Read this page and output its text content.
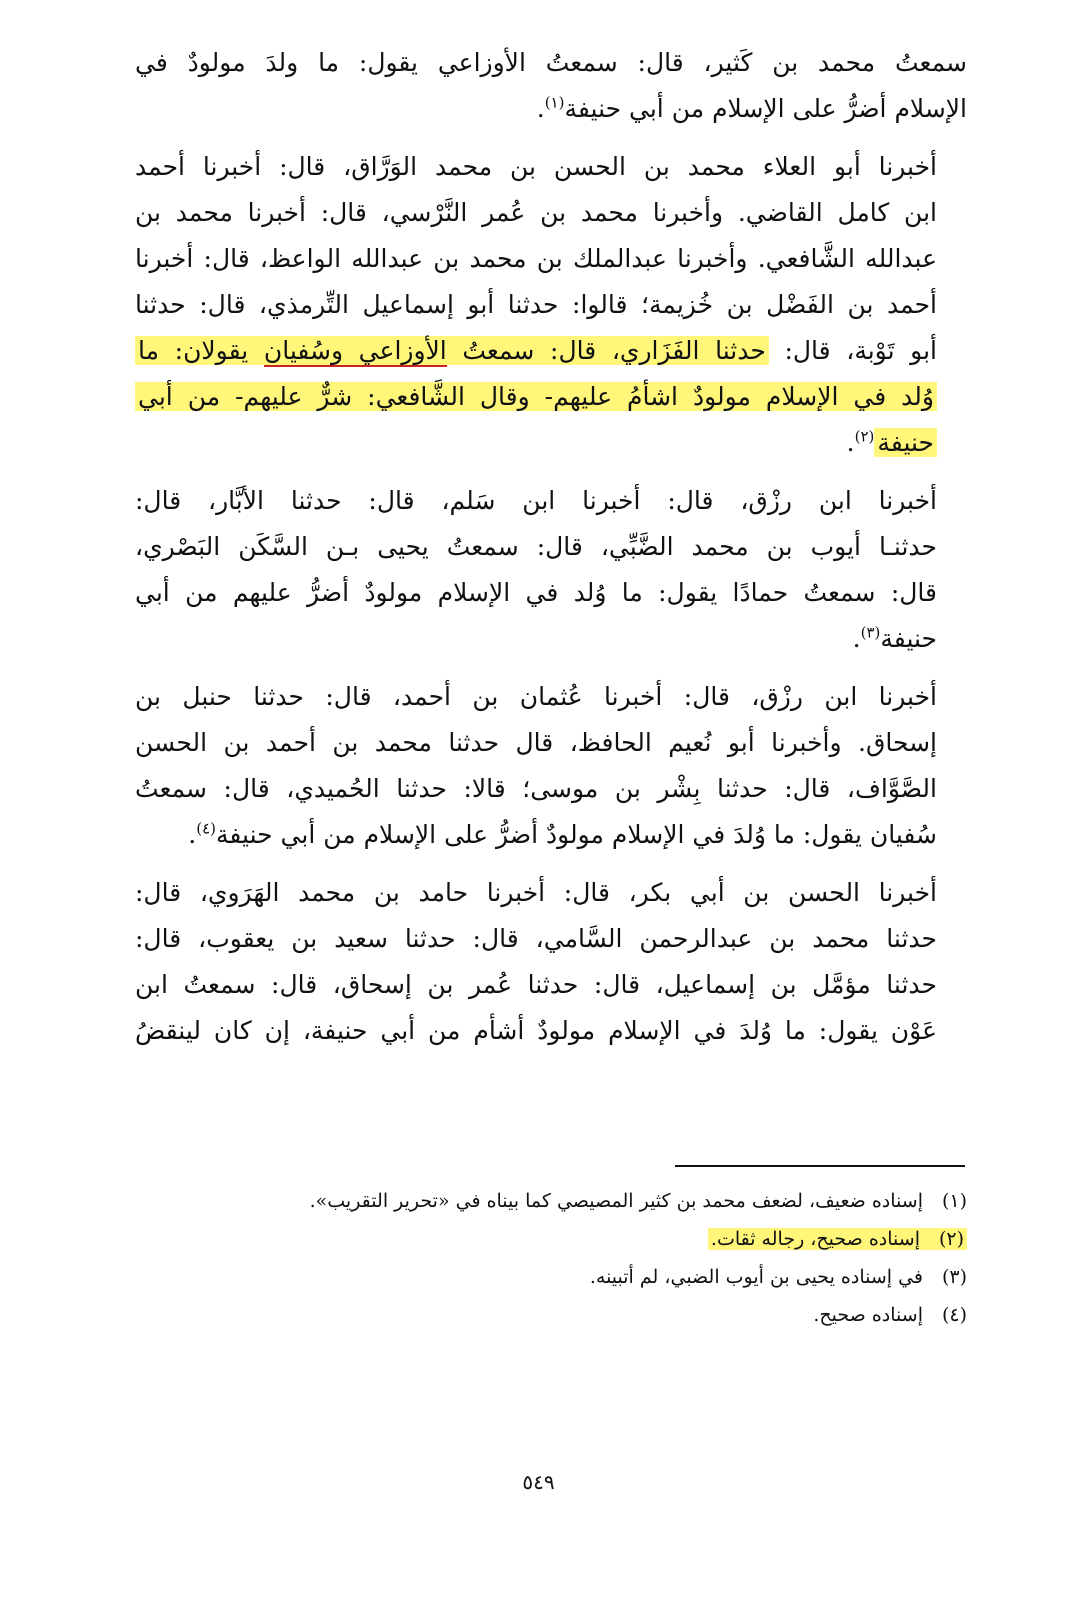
سمعتُ محمد بن كَثير، قال: سمعتُ الأوزاعي يقول: ما ولدَ مولودٌ في
الإسلام أضرُّ على الإسلام من أبي حنيفة$^{(١)}$.

أخبرنا أبو العلاء محمد بن الحسن بن محمد الوَرَّاق، قال: أخبرنا أحمد
ابن كامل القاضي. وأخبرنا محمد بن عُمر النَّرْسي، قال: أخبرنا محمد بن
عبدالله الشَّافعي. وأخبرنا عبدالملك بن محمد بن عبدالله الواعظ، قال: أخبرنا
أحمد بن الفَضْل بن خُزيمة؛ قالوا: حدثنا أبو إسماعيل التِّرمذي، قال: حدثنا
أبو تَوْبة، قال: حدثنا الفَزَاري، قال: سمعتُ الأوزاعي وسُفيان يقولان: ما
وُلد في الإسلام مولودٌ اشأمُ عليهم- وقال الشَّافعي: شرٌّ عليهم- من أبي
حنيفة$^{(٢)}$.

أخبرنا ابن رزْق، قال: أخبرنا ابن سَلم، قال: حدثنا الأبَّار، قال:
حدثنـا أيوب بن محمد الضَّبِّي، قال: سمعتُ يحيى بـن السَّكَن البَصْري،
قال: سمعتُ حمادًا يقول: ما وُلد في الإسلام مولودٌ أضرُّ عليهم من أبي
حنيفة$^{(٣)}$.

أخبرنا ابن رزْق، قال: أخبرنا عُثمان بن أحمد، قال: حدثنا حنبل بن
إسحاق. وأخبرنا أبو نُعيم الحافظ، قال حدثنا محمد بن أحمد بن الحسن
الصَّوَّاف، قال: حدثنا بِشْر بن موسى؛ قالا: حدثنا الحُميدي، قال: سمعتُ
سُفيان يقول: ما وُلدَ في الإسلام مولودٌ أضرُّ على الإسلام من أبي حنيفة$^{(٤)}$.

أخبرنا الحسن بن أبي بكر، قال: أخبرنا حامد بن محمد الهَرَوي، قال:
حدثنا محمد بن عبدالرحمن السَّامي، قال: حدثنا سعيد بن يعقوب، قال:
حدثنا مؤمَّل بن إسماعيل، قال: حدثنا عُمر بن إسحاق، قال: سمعتُ ابن
عَوْن يقول: ما وُلدَ في الإسلام مولودٌ أشأم من أبي حنيفة، إن كان لينقضُ

(١)إسناده ضعيف، لضعف محمد بن كثير المصيصي كما بيناه في «تحرير التقريب».
(٢)إسناده صحيح، رجاله ثقات.
(٣)في إسناده يحيى بن أيوب الضبي، لم أتبينه.
(٤)إسناده صحيح.
٥٤٩
